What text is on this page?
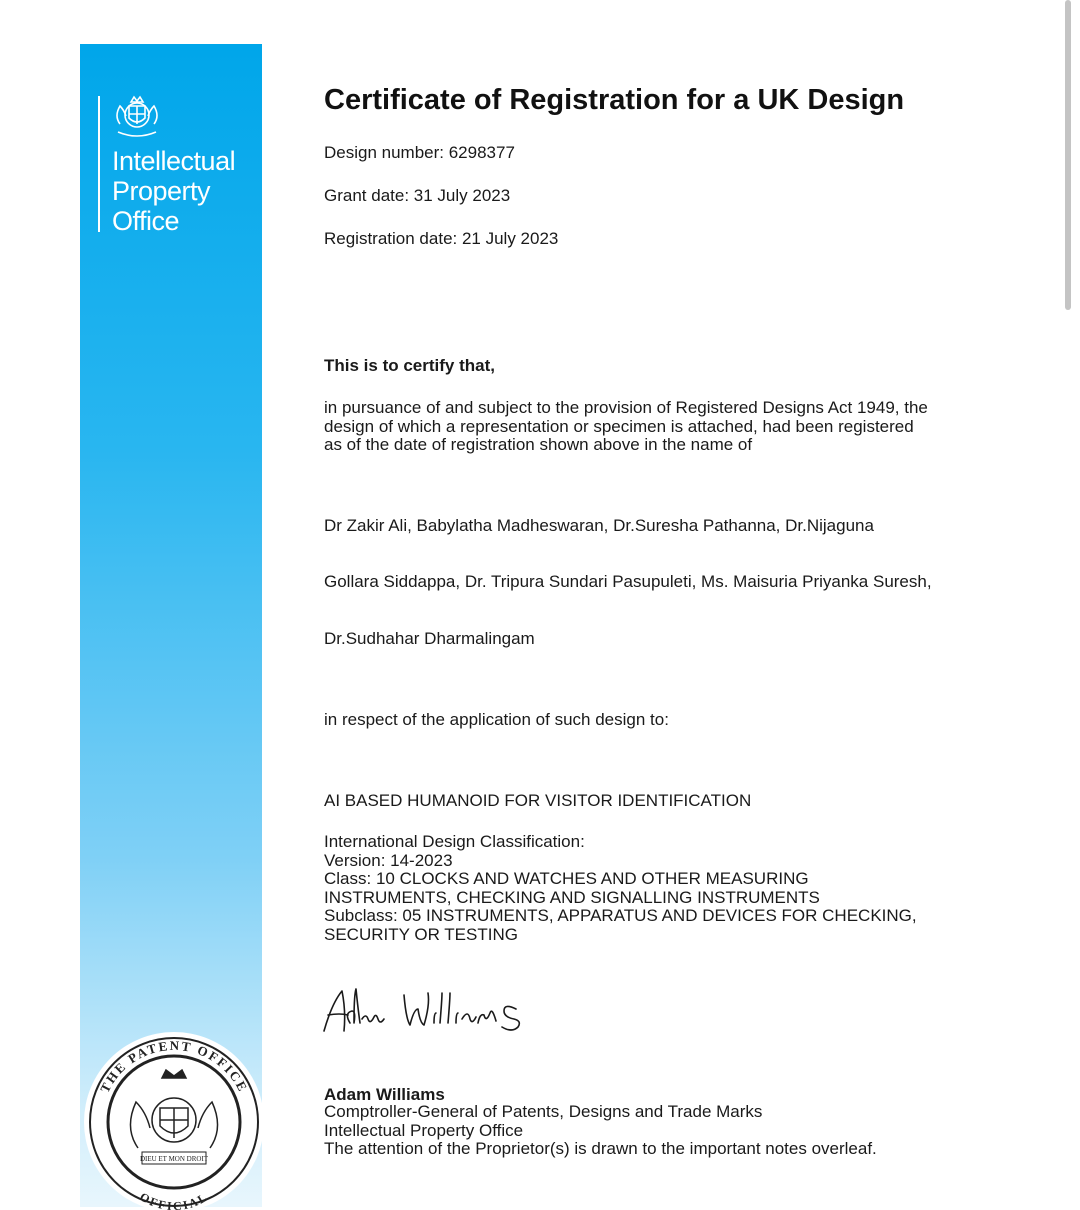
Intellectual
Property
Office
THE PATENT OFFICE
OFFICIAL
DIEU ET MON DROIT
Certificate of Registration for a UK Design
Design number: 6298377
Grant date: 31 July 2023
Registration date: 21 July 2023
This is to certify that,
in pursuance of and subject to the provision of Registered Designs Act 1949, the
design of which a representation or specimen is attached, had been registered
as of the date of registration shown above in the name of
Dr Zakir Ali, Babylatha Madheswaran, Dr.Suresha Pathanna, Dr.Nijaguna
Gollara Siddappa, Dr. Tripura Sundari Pasupuleti, Ms. Maisuria Priyanka Suresh,
Dr.Sudhahar Dharmalingam
in respect of the application of such design to:
AI BASED HUMANOID FOR VISITOR IDENTIFICATION
International Design Classification:
Version: 14-2023
Class: 10 CLOCKS AND WATCHES AND OTHER MEASURING
INSTRUMENTS, CHECKING AND SIGNALLING INSTRUMENTS
Subclass: 05 INSTRUMENTS, APPARATUS AND DEVICES FOR CHECKING,
SECURITY OR TESTING
Adam Williams
Comptroller-General of Patents, Designs and Trade Marks
Intellectual Property Office
The attention of the Proprietor(s) is drawn to the important notes overleaf.
